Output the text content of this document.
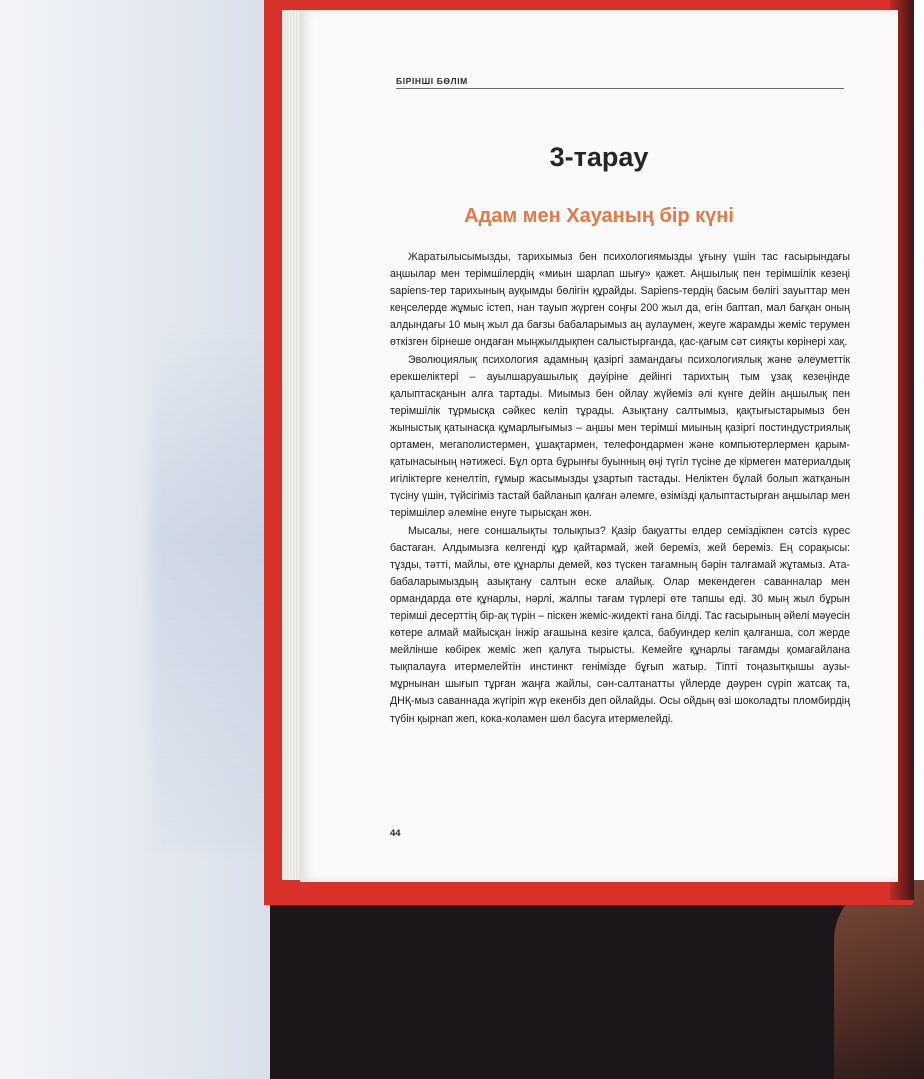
БІРІНШІ БӨЛІМ
3-тарау
Адам мен Хауаның бір күні

Жаратылысымызды, тарихымыз бен психологиямызды ұғыну үшін тас ғасырындағы аңшылар мен терімшілердің «миын шарлап шығу» қажет. Аңшылық пен терімшілік кезеңі sapiens-тер тарихының ауқымды бөлігін құрайды. Sapiens-тердің басым бөлігі зауыттар мен кеңселерде жұмыс істеп, нан тауып жүрген соңғы 200 жыл да, егін баптап, мал бағқан оның алдындағы 10 мың жыл да бағзы бабаларымыз аң аулаумен, жеуге жарамды жеміс терумен өткізген бірнеше ондаған мыңжылдықпен салыстырғанда, қас-қағым сәт сияқты көрінері хақ.

Эволюциялық психология адамның қазіргі замандағы психологиялық және әлеуметтік ерекшеліктері – ауылшаруашылық дәуіріне дейінгі тарихтың тым ұзақ кезеңінде қалыптасқанын алға тартады. Миымыз бен ойлау жүйеміз әлі күнге дейін аңшылық пен терімшілік тұрмысқа сәйкес келіп тұрады. Азықтану салтымыз, қақтығыстарымыз бен жыныстық қатынасқа құмарлығымыз – аңшы мен терімші миының қазіргі постиндустриялық ортамен, мегаполистермен, ұшақтармен, телефондармен және компьютерлермен қарым-қатынасының нәтижесі. Бұл орта бұрынғы буынның өңі түгіл түсіне де кірмеген материалдық игіліктерге кенелтіп, ғұмыр жасымызды ұзартып тастады. Неліктен бұлай болып жатқанын түсіну үшін, түйсігіміз тастай байланып қалған әлемге, өзімізді қалыптастырған аңшылар мен терімшілер әлеміне енуге тырысқан жөн.

Мысалы, неге соншалықты толықпыз? Қазір бақуатты елдер семіздікпен сәтсіз күрес бастаған. Алдымызға келгенді құр қайтармай, жей береміз, жей береміз. Ең сорақысы: тұзды, тәтті, майлы, өте құнарлы демей, көз түскен тағамның бәрін талғамай жұтамыз. Ата-бабаларымыздың азықтану салтын еске алайық. Олар мекендеген саванналар мен ормандарда өте құнарлы, нәрлі, жалпы тағам түрлері өте тапшы еді. 30 мың жыл бұрын терімші десерттің бір-ақ түрін – піскен жеміс-жидекті ғана білді. Тас ғасырының әйелі мәуесін көтере алмай майысқан інжір ағашына кезіге қалса, бабуиндер келіп қалғанша, сол жерде мейлінше көбірек жеміс жеп қалуға тырысты. Кемейге құнарлы тағамды қомағайлана тықпалауға итермелейтін инстинкт генімізде бұғып жатыр. Тіпті тоңазытқышы аузы-мұрнынан шығып тұрған жаңға жайлы, сән-салтанатты үйлерде дәурен сүріп жатсақ та, ДНҚ-мыз саваннада жүгіріп жүр екенбіз деп ойлайды. Осы ойдың өзі шоколадты пломбирдің түбін қырнап жеп, кока-коламен шөл басуға итермелейді.

44
